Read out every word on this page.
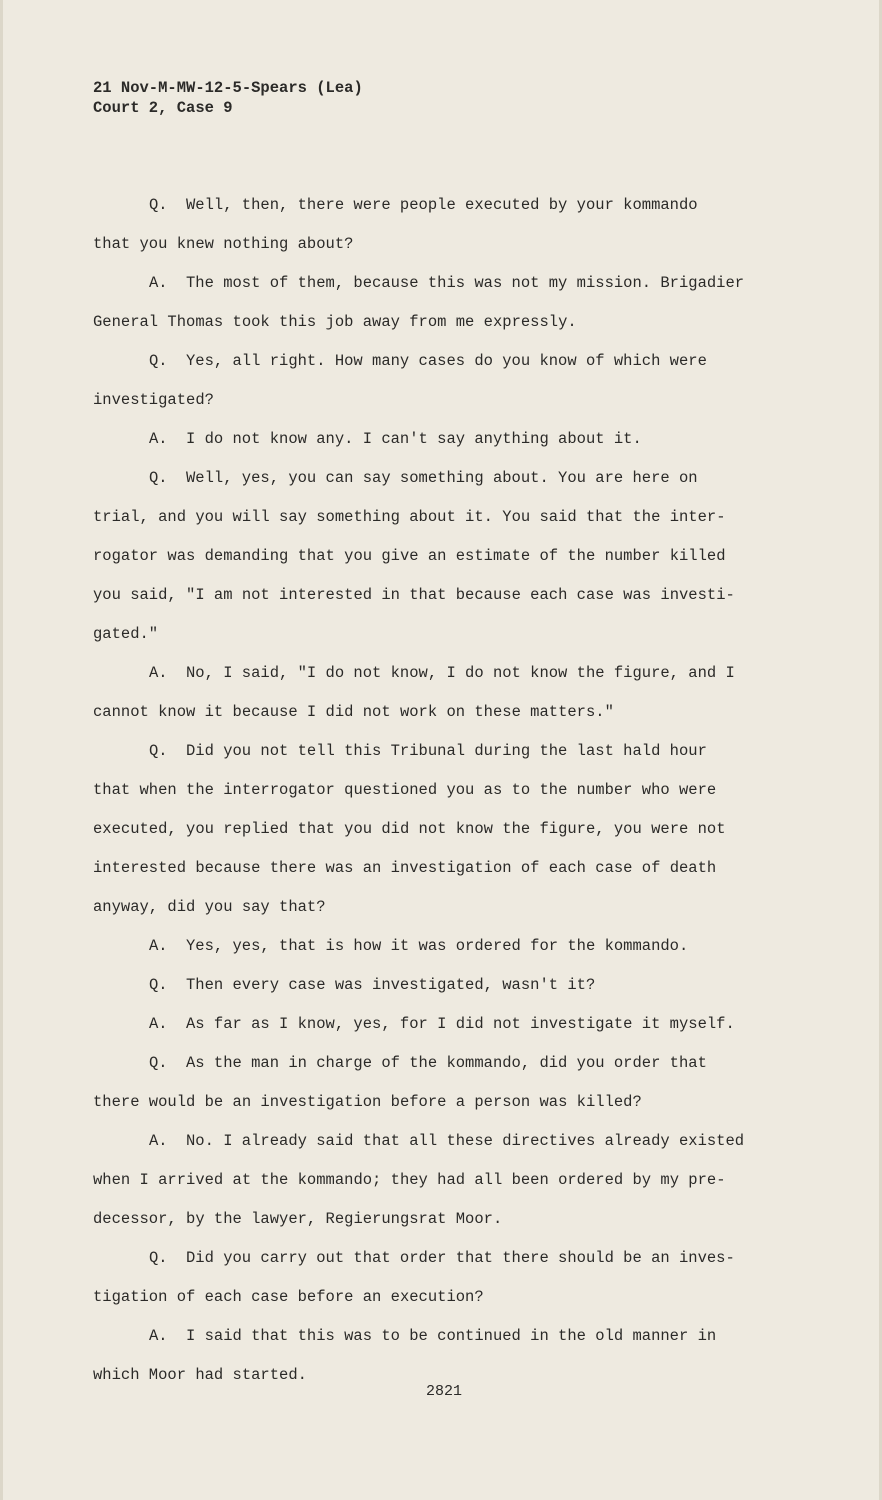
21 Nov-M-MW-12-5-Spears (Lea)
Court 2, Case 9
Q. Well, then, there were people executed by your kommando
that you knew nothing about?
A. The most of them, because this was not my mission. Brigadier
General Thomas took this job away from me expressly.
Q. Yes, all right. How many cases do you know of which were
investigated?
A. I do not know any. I can't say anything about it.
Q. Well, yes, you can say something about. You are here on
trial, and you will say something about it. You said that the inter-
rogator was demanding that you give an estimate of the number killed
you said, "I am not interested in that because each case was investi-
gated."
A. No, I said, "I do not know, I do not know the figure, and I
cannot know it because I did not work on these matters."
Q. Did you not tell this Tribunal during the last hald hour
that when the interrogator questioned you as to the number who were
executed, you replied that you did not know the figure, you were not
interested because there was an investigation of each case of death
anyway, did you say that?
A. Yes, yes, that is how it was ordered for the kommando.
Q. Then every case was investigated, wasn't it?
A. As far as I know, yes, for I did not investigate it myself.
Q. As the man in charge of the kommando, did you order that
there would be an investigation before a person was killed?
A. No. I already said that all these directives already existed
when I arrived at the kommando; they had all been ordered by my pre-
decessor, by the lawyer, Regierungsrat Moor.
Q. Did you carry out that order that there should be an inves-
tigation of each case before an execution?
A. I said that this was to be continued in the old manner in
which Moor had started.
2821
